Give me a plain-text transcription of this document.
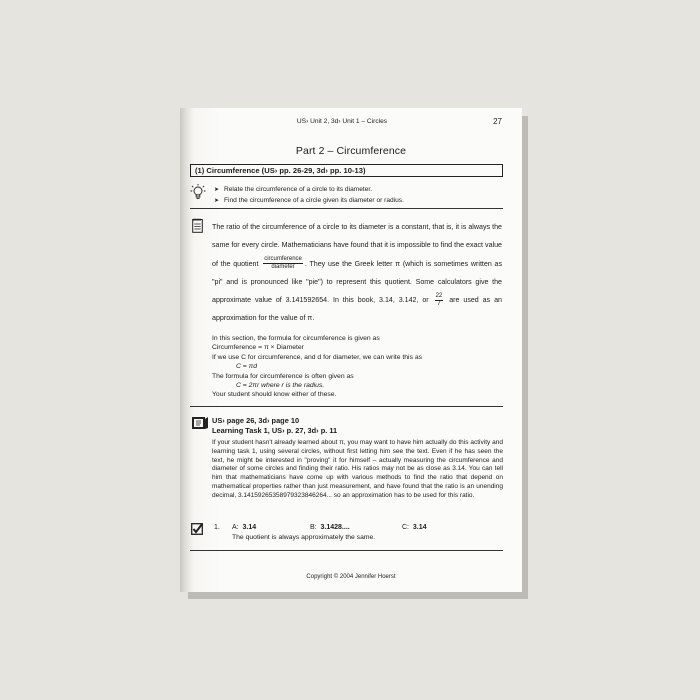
US› Unit 2, 3d› Unit 1 – Circles	27
Part 2 – Circumference
(1) Circumference (US› pp. 26-29, 3d› pp. 10-13)
➤ Relate the circumference of a circle to its diameter.
➤ Find the circumference of a circle given its diameter or radius.
The ratio of the circumference of a circle to its diameter is a constant, that is, it is always the same for every circle. Mathematicians have found that it is impossible to find the exact value of the quotient $\frac{\text{circumference}}{\text{diameter}}$ . They use the Greek letter π (which is sometimes written as "pi" and is pronounced like "pie") to represent this quotient. Some calculators give the approximate value of 3.141592654. In this book, 3.14, 3.142, or $\frac{22}{7}$ are used as an approximation for the value of π.
In this section, the formula for circumference is given as
Circumference = π × Diameter
If we use C for circumference, and d for diameter, we can write this as
C = πd
The formula for circumference is often given as
C = 2πr where r is the radius.
Your student should know either of these.
US› page 26, 3d› page 10
Learning Task 1, US› p. 27, 3d› p. 11
If your student hasn't already learned about π, you may want to have him actually do this activity and learning task 1, using several circles, without first letting him see the text. Even if he has seen the text, he might be interested in "proving" it for himself – actually measuring the circumference and diameter of some circles and finding their ratio. His ratios may not be as close as 3.14. You can tell him that mathematicians have come up with various methods to find the ratio that depend on mathematical properties rather than just measurement, and have found that the ratio is an unending decimal, 3.14159265358979323846264... so an approximation has to be used for this ratio.
1. A: 3.14	B: 3.1428....	C: 3.14
The quotient is always approximately the same.
Copyright © 2004 Jennifer Hoerst
